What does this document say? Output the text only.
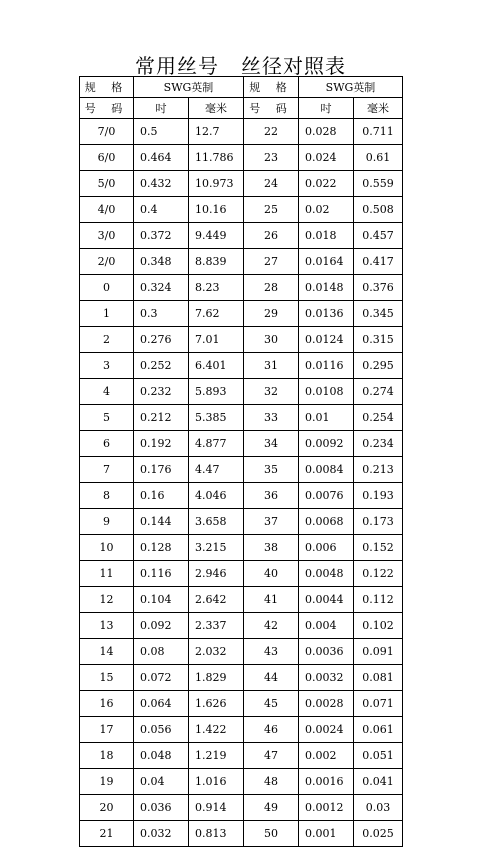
常用丝号 丝径对照表
规 格	SWG英制		规 格	SWG英制	
号 码	吋	毫米	号 码	吋	毫米
7/0	0.5	12.7	22	0.028	0.711
6/0	0.464	11.786	23	0.024	0.61
5/0	0.432	10.973	24	0.022	0.559
4/0	0.4	10.16	25	0.02	0.508
3/0	0.372	9.449	26	0.018	0.457
2/0	0.348	8.839	27	0.0164	0.417
0	0.324	8.23	28	0.0148	0.376
1	0.3	7.62	29	0.0136	0.345
2	0.276	7.01	30	0.0124	0.315
3	0.252	6.401	31	0.0116	0.295
4	0.232	5.893	32	0.0108	0.274
5	0.212	5.385	33	0.01	0.254
6	0.192	4.877	34	0.0092	0.234
7	0.176	4.47	35	0.0084	0.213
8	0.16	4.046	36	0.0076	0.193
9	0.144	3.658	37	0.0068	0.173
10	0.128	3.215	38	0.006	0.152
11	0.116	2.946	40	0.0048	0.122
12	0.104	2.642	41	0.0044	0.112
13	0.092	2.337	42	0.004	0.102
14	0.08	2.032	43	0.0036	0.091
15	0.072	1.829	44	0.0032	0.081
16	0.064	1.626	45	0.0028	0.071
17	0.056	1.422	46	0.0024	0.061
18	0.048	1.219	47	0.002	0.051
19	0.04	1.016	48	0.0016	0.041
20	0.036	0.914	49	0.0012	0.03
21	0.032	0.813	50	0.001	0.025
